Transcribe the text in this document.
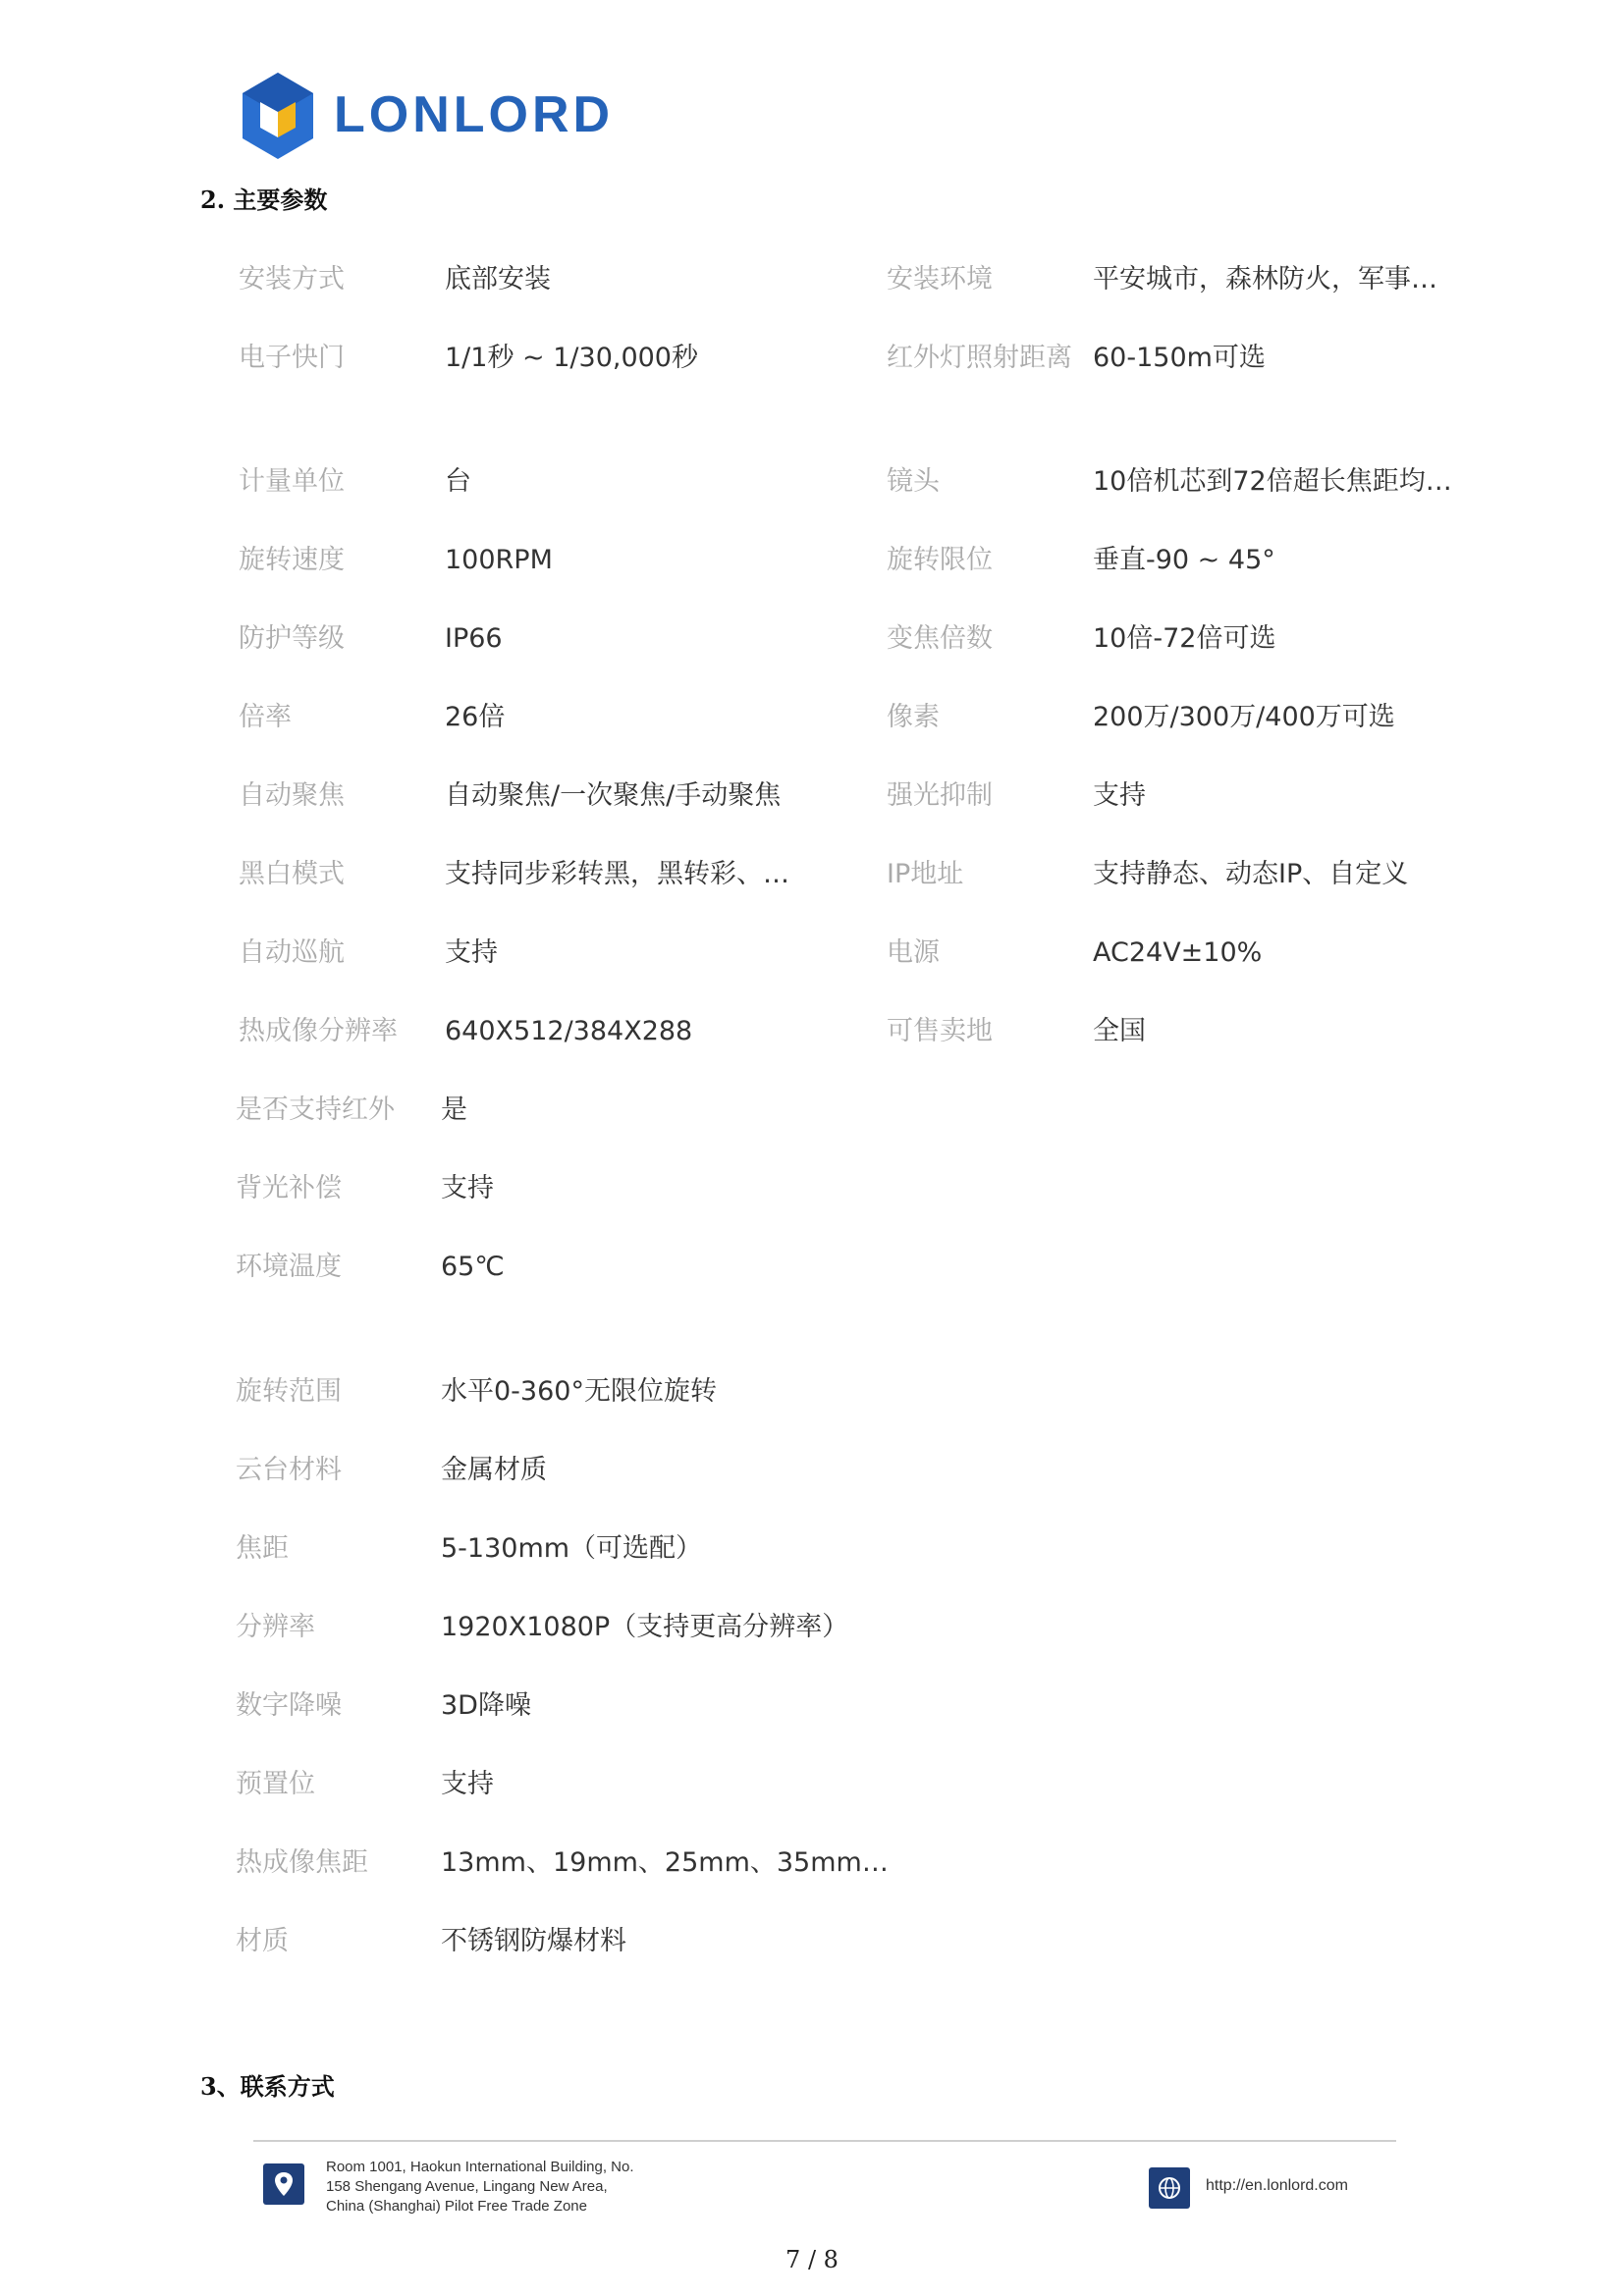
LONLORD
2. 主要参数
安装方式	底部安装	安装环境	平安城市，森林防火，军事…
电子快门	1/1秒 ~ 1/30,000秒	红外灯照射距离 60-150m可选
计量单位	台	镜头	10倍机芯到72倍超长焦距均…
旋转速度	100RPM	旋转限位	垂直-90 ~ 45°
防护等级	IP66	变焦倍数	10倍-72倍可选
倍率	26倍	像素	200万/300万/400万可选
自动聚焦	自动聚焦/一次聚焦/手动聚焦	强光抑制	支持
黑白模式	支持同步彩转黑，黑转彩、…	IP地址	支持静态、动态IP、自定义
自动巡航	支持	电源	AC24V±10%
热成像分辨率 640X512/384X288	可售卖地	全国
是否支持红外 是
背光补偿	支持
环境温度	65℃
旋转范围	水平0-360°无限位旋转
云台材料	金属材质
焦距	5-130mm（可选配）
分辨率	1920X1080P（支持更高分辨率）
数字降噪	3D降噪
预置位	支持
热成像焦距	13mm、19mm、25mm、35mm…
材质	不锈钢防爆材料
3、联系方式
Room 1001, Haokun International Building, No.
158 Shengang Avenue, Lingang New Area,
China (Shanghai) Pilot Free Trade Zone
http://en.lonlord.com
7 / 8
